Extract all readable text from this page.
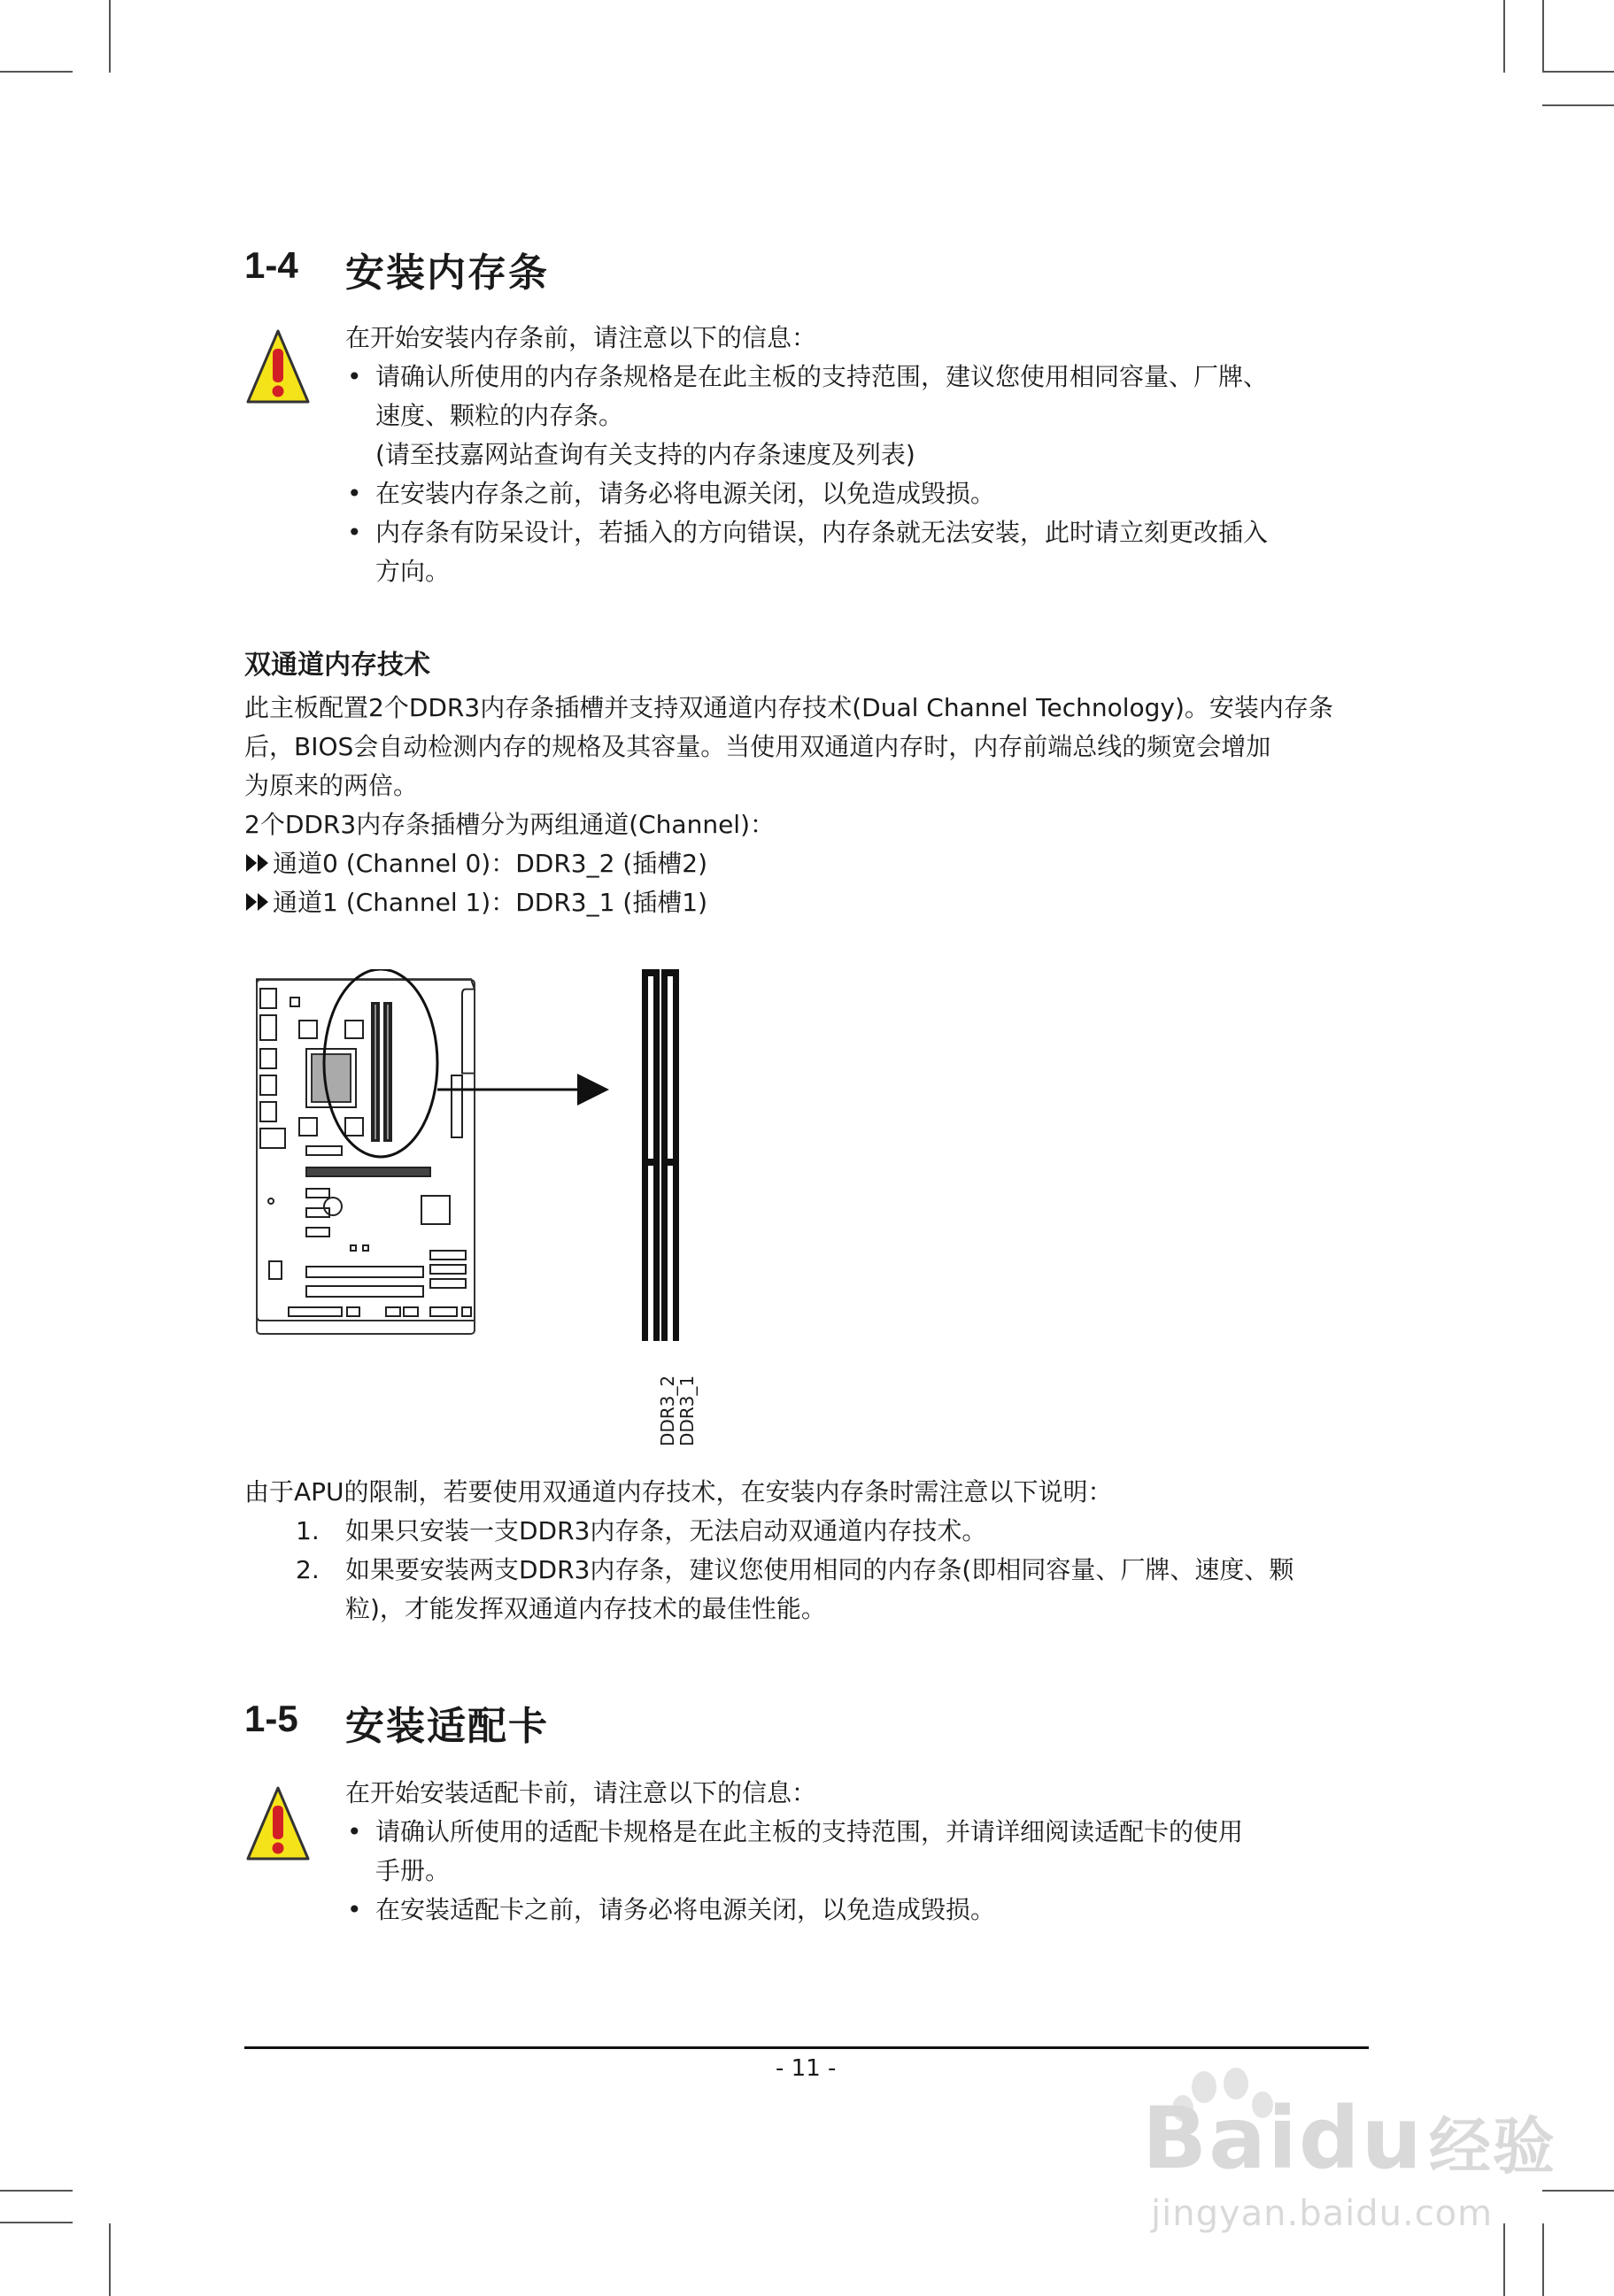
1-4 安装内存条
在开始安装内存条前，请注意以下的信息：
• 请确认所使用的内存条规格是在此主板的支持范围，建议您使用相同容量、厂牌、
速度、颗粒的内存条。
(请至技嘉网站查询有关支持的内存条速度及列表)
• 在安装内存条之前，请务必将电源关闭，以免造成毁损。
• 内存条有防呆设计，若插入的方向错误，内存条就无法安装，此时请立刻更改插入
方向。
双通道内存技术
此主板配置2个DDR3内存条插槽并支持双通道内存技术(Dual Channel Technology)。安装内存条
后，BIOS会自动检测内存的规格及其容量。当使用双通道内存时，内存前端总线的频宽会增加
为原来的两倍。
2个DDR3内存条插槽分为两组通道(Channel)：
通道0 (Channel 0)：DDR3_2 (插槽2)
通道1 (Channel 1)：DDR3_1 (插槽1)
DDR3_2
DDR3_1
由于APU的限制，若要使用双通道内存技术，在安装内存条时需注意以下说明：
1. 如果只安装一支DDR3内存条，无法启动双通道内存技术。
2. 如果要安装两支DDR3内存条，建议您使用相同的内存条(即相同容量、厂牌、速度、颗
粒)，才能发挥双通道内存技术的最佳性能。
1-5 安装适配卡
在开始安装适配卡前，请注意以下的信息：
• 请确认所使用的适配卡规格是在此主板的支持范围，并请详细阅读适配卡的使用
手册。
• 在安装适配卡之前，请务必将电源关闭，以免造成毁损。
- 11 -
Baidu经验
jingyan.baidu.com
